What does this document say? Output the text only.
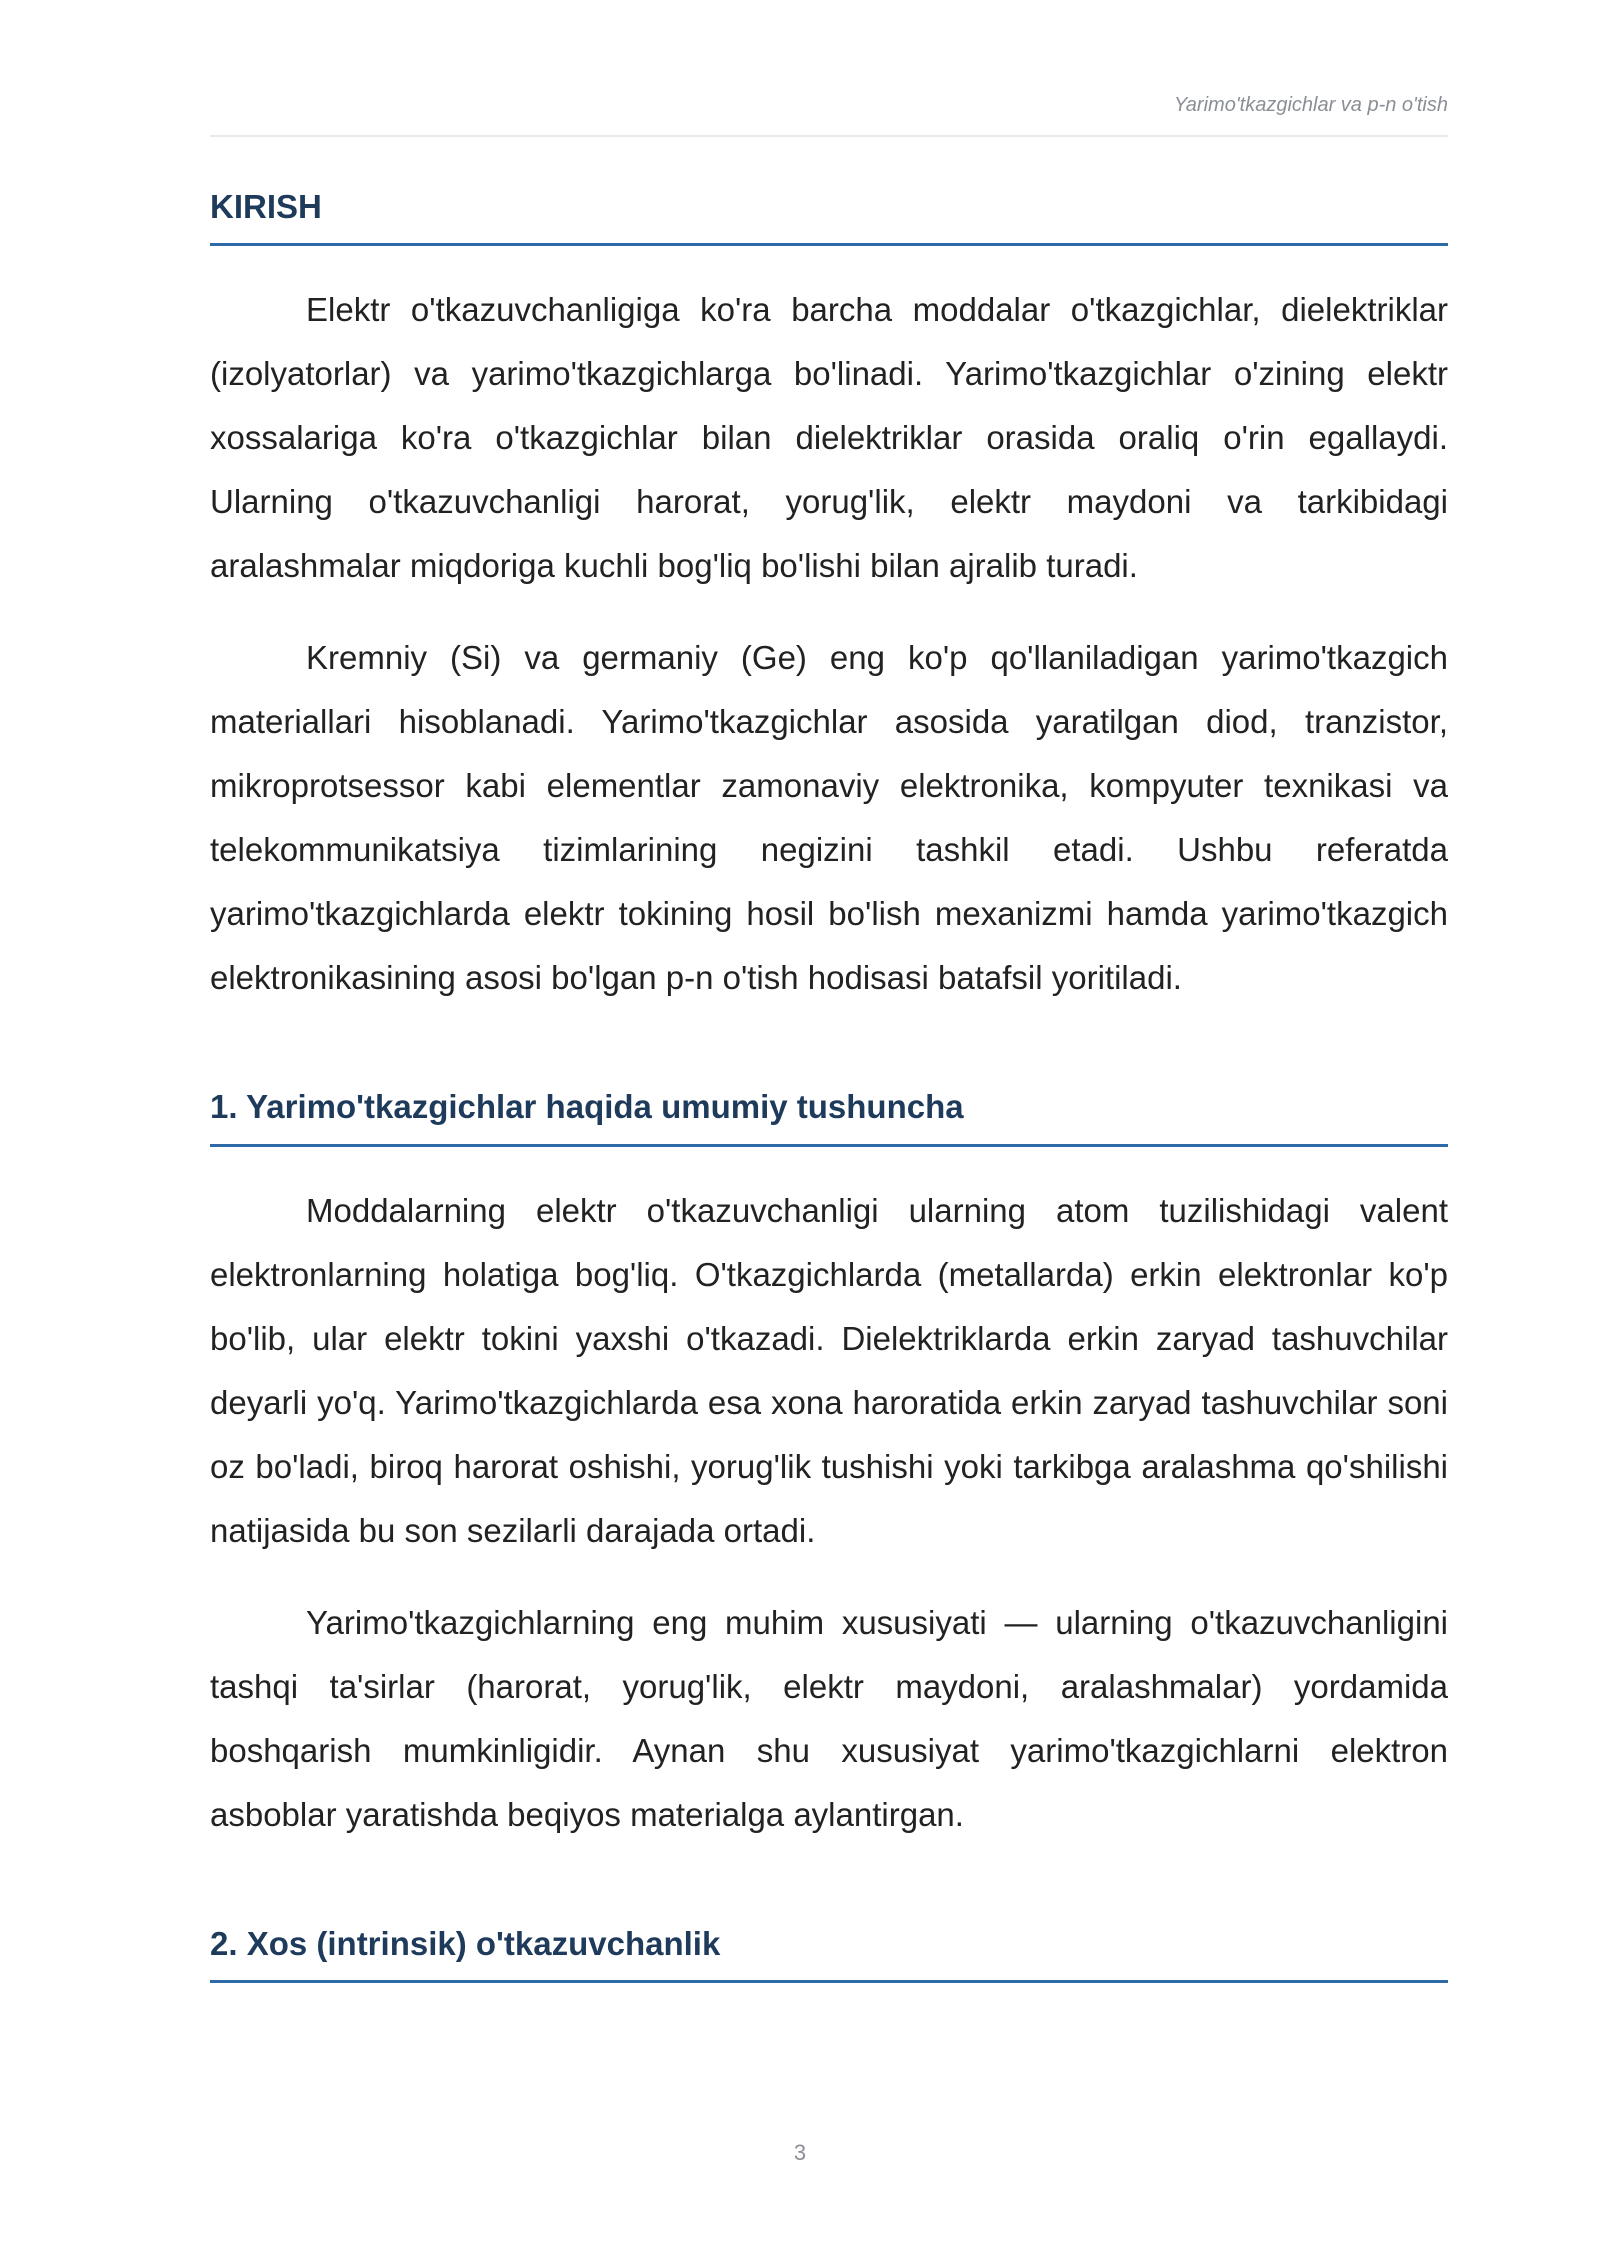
Yarimo'tkazgichlar va p-n o'tish
KIRISH

Elektr o'tkazuvchanligiga ko'ra barcha moddalar o'tkazgichlar, dielektriklar (izolyatorlar) va yarimo'tkazgichlarga bo'linadi. Yarimo'tkazgichlar o'zining elektr xossalariga ko'ra o'tkazgichlar bilan dielektriklar orasida oraliq o'rin egallaydi. Ularning o'tkazuvchanligi harorat, yorug'lik, elektr maydoni va tarkibidagi aralashmalar miqdoriga kuchli bog'liq bo'lishi bilan ajralib turadi.

Kremniy (Si) va germaniy (Ge) eng ko'p qo'llaniladigan yarimo'tkazgich materiallari hisoblanadi. Yarimo'tkazgichlar asosida yaratilgan diod, tranzistor, mikroprotsessor kabi elementlar zamonaviy elektronika, kompyuter texnikasi va telekommunikatsiya tizimlarining negizini tashkil etadi. Ushbu referatda yarimo'tkazgichlarda elektr tokining hosil bo'lish mexanizmi hamda yarimo'tkazgich elektronikasining asosi bo'lgan p-n o'tish hodisasi batafsil yoritiladi.

1. Yarimo'tkazgichlar haqida umumiy tushuncha

Moddalarning elektr o'tkazuvchanligi ularning atom tuzilishidagi valent elektronlarning holatiga bog'liq. O'tkazgichlarda (metallarda) erkin elektronlar ko'p bo'lib, ular elektr tokini yaxshi o'tkazadi. Dielektriklarda erkin zaryad tashuvchilar deyarli yo'q. Yarimo'tkazgichlarda esa xona haroratida erkin zaryad tashuvchilar soni oz bo'ladi, biroq harorat oshishi, yorug'lik tushishi yoki tarkibga aralashma qo'shilishi natijasida bu son sezilarli darajada ortadi.

Yarimo'tkazgichlarning eng muhim xususiyati — ularning o'tkazuvchanligini tashqi ta'sirlar (harorat, yorug'lik, elektr maydoni, aralashmalar) yordamida boshqarish mumkinligidir. Aynan shu xususiyat yarimo'tkazgichlarni elektron asboblar yaratishda beqiyos materialga aylantirgan.

2. Xos (intrinsik) o'tkazuvchanlik
3
